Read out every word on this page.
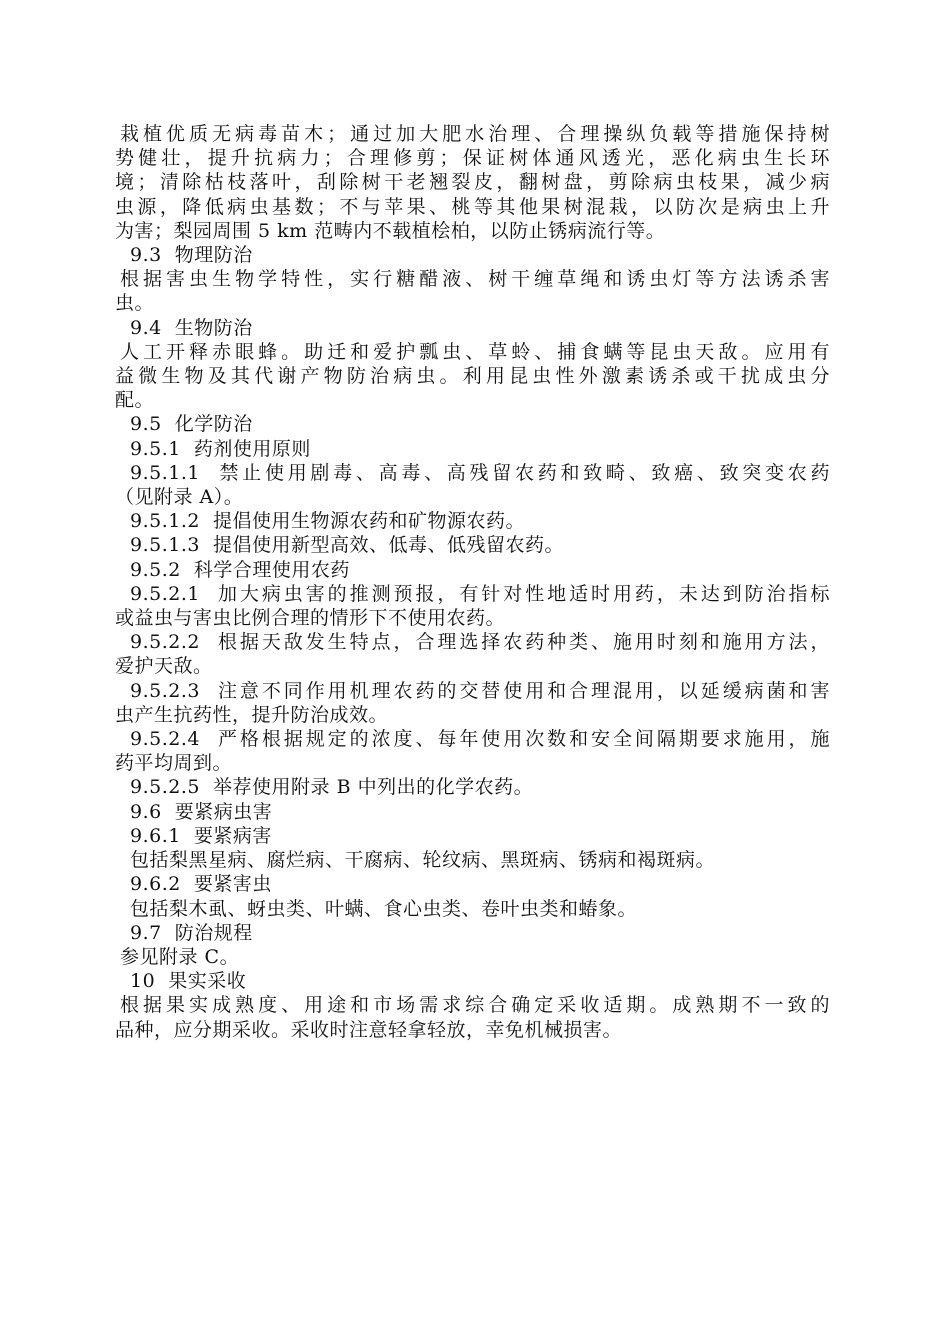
栽植优质无病毒苗木；通过加大肥水治理、合理操纵负载等措施保持树
势健壮，提升抗病力；合理修剪；保证树体通风透光，恶化病虫生长环
境；清除枯枝落叶，刮除树干老翘裂皮，翻树盘，剪除病虫枝果，减少病
虫源，降低病虫基数；不与苹果、桃等其他果树混栽，以防次是病虫上升
为害；梨园周围 5 km 范畴内不载植桧柏，以防止锈病流行等。
9.3  物理防治
根据害虫生物学特性，实行糖醋液、树干缠草绳和诱虫灯等方法诱杀害
虫。
9.4  生物防治
人工开释赤眼蜂。助迁和爱护瓢虫、草蛉、捕食螨等昆虫天敌。应用有
益微生物及其代谢产物防治病虫。利用昆虫性外激素诱杀或干扰成虫分
配。
9.5  化学防治
9.5.1  药剂使用原则
9.5.1.1  禁止使用剧毒、高毒、高残留农药和致畸、致癌、致突变农药
（见附录 A）。
9.5.1.2  提倡使用生物源农药和矿物源农药。
9.5.1.3  提倡使用新型高效、低毒、低残留农药。
9.5.2  科学合理使用农药
9.5.2.1  加大病虫害的推测预报，有针对性地适时用药，未达到防治指标
或益虫与害虫比例合理的情形下不使用农药。
9.5.2.2  根据天敌发生特点，合理选择农药种类、施用时刻和施用方法，
爱护天敌。
9.5.2.3  注意不同作用机理农药的交替使用和合理混用，以延缓病菌和害
虫产生抗药性，提升防治成效。
9.5.2.4  严格根据规定的浓度、每年使用次数和安全间隔期要求施用，施
药平均周到。
9.5.2.5  举荐使用附录 B 中列出的化学农药。
9.6  要紧病虫害
9.6.1  要紧病害
包括梨黑星病、腐烂病、干腐病、轮纹病、黑斑病、锈病和褐斑病。
9.6.2  要紧害虫
包括梨木虱、蚜虫类、叶螨、食心虫类、卷叶虫类和蝽象。
9.7  防治规程
参见附录 C。
10  果实采收
根据果实成熟度、用途和市场需求综合确定采收适期。成熟期不一致的
品种，应分期采收。采收时注意轻拿轻放，幸免机械损害。
